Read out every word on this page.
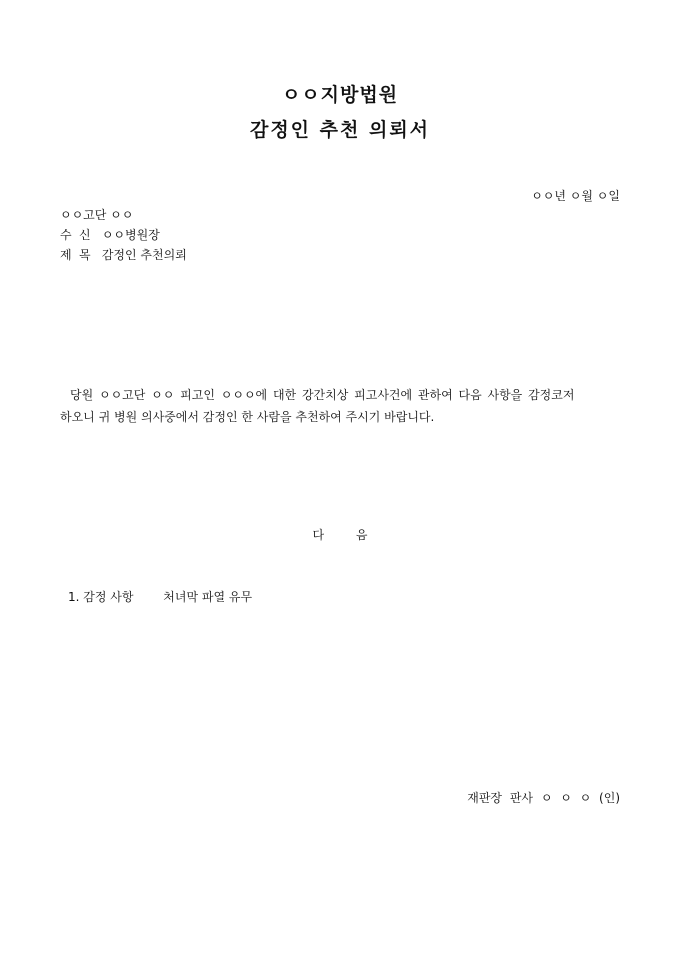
ㅇㅇ지방법원
감정인 추천 의뢰서
ㅇㅇ년 ㅇ월 ㅇ일
ㅇㅇ고단 ㅇㅇ
수 신 ㅇㅇ병원장
제 목 감정인 추천의뢰
당원 ㅇㅇ고단 ㅇㅇ 피고인 ㅇㅇㅇ에 대한 강간치상 피고사건에 관하여 다음 사항을 감정코저
하오니 귀 병원 의사중에서 감정인 한 사람을 추천하여 주시기 바랍니다.
다	음
1. 감정 사항 처녀막 파열 유무
재판장 판사 ㅇ ㅇ ㅇ (인)
